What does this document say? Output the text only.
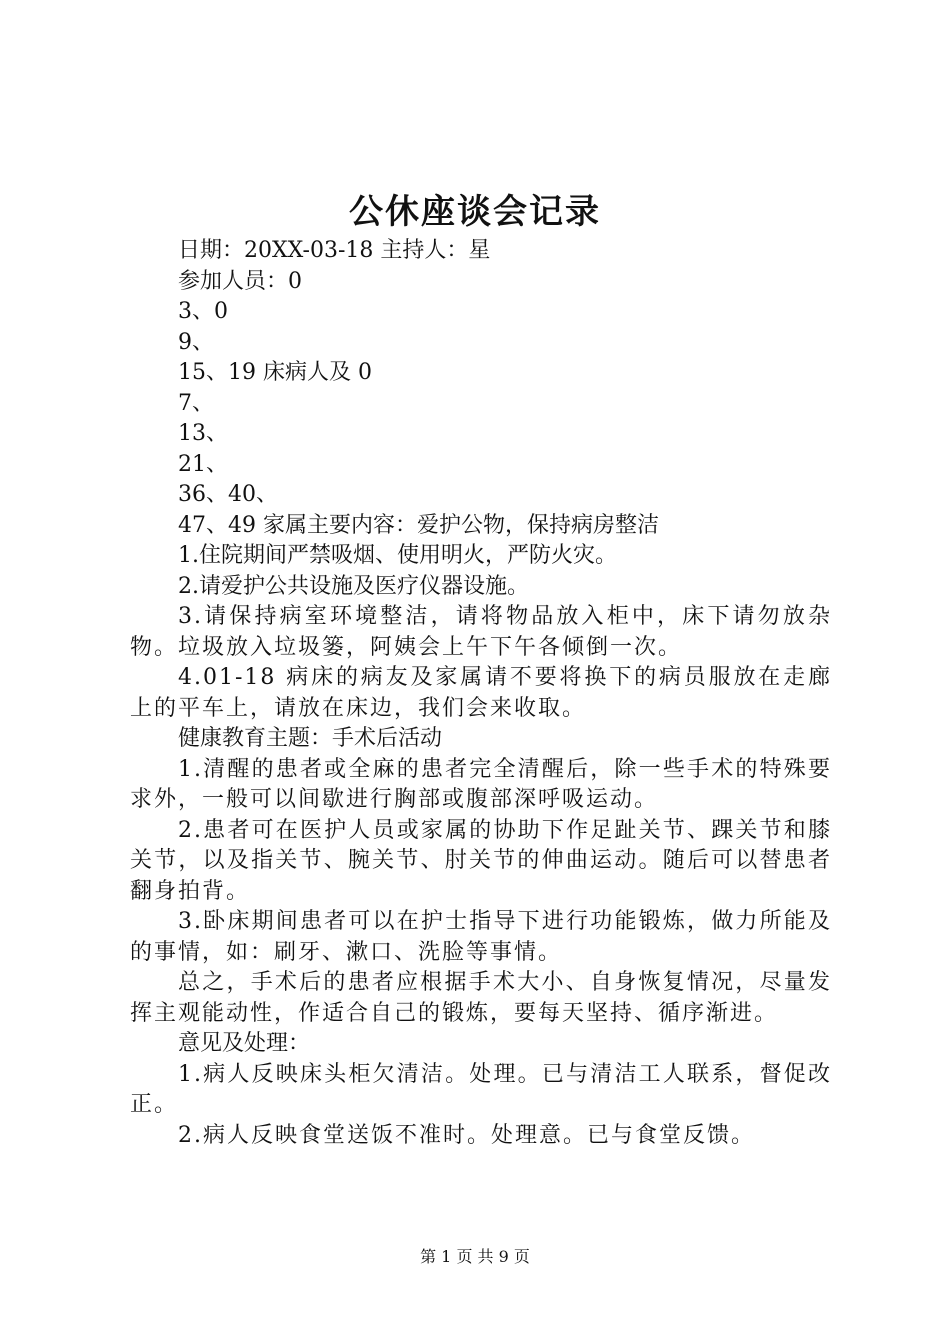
公休座谈会记录
日期：20XX-03-18 主持人：星
参加人员：0
3、0
9、
15、19 床病人及 0
7、
13、
21、
36、40、
47、49 家属主要内容：爱护公物，保持病房整洁
1.住院期间严禁吸烟、使用明火，严防火灾。
2.请爱护公共设施及医疗仪器设施。
3.请保持病室环境整洁，请将物品放入柜中，床下请勿放杂物。垃圾放入垃圾篓，阿姨会上午下午各倾倒一次。
4.01-18 病床的病友及家属请不要将换下的病员服放在走廊上的平车上，请放在床边，我们会来收取。
健康教育主题：手术后活动
1.清醒的患者或全麻的患者完全清醒后，除一些手术的特殊要求外，一般可以间歇进行胸部或腹部深呼吸运动。
2.患者可在医护人员或家属的协助下作足趾关节、踝关节和膝关节，以及指关节、腕关节、肘关节的伸曲运动。随后可以替患者翻身拍背。
3.卧床期间患者可以在护士指导下进行功能锻炼，做力所能及的事情，如：刷牙、漱口、洗脸等事情。
总之，手术后的患者应根据手术大小、自身恢复情况，尽量发挥主观能动性，作适合自己的锻炼，要每天坚持、循序渐进。
意见及处理：
1.病人反映床头柜欠清洁。处理。已与清洁工人联系，督促改正。
2.病人反映食堂送饭不准时。处理意。已与食堂反馈。
第 1 页 共 9 页
